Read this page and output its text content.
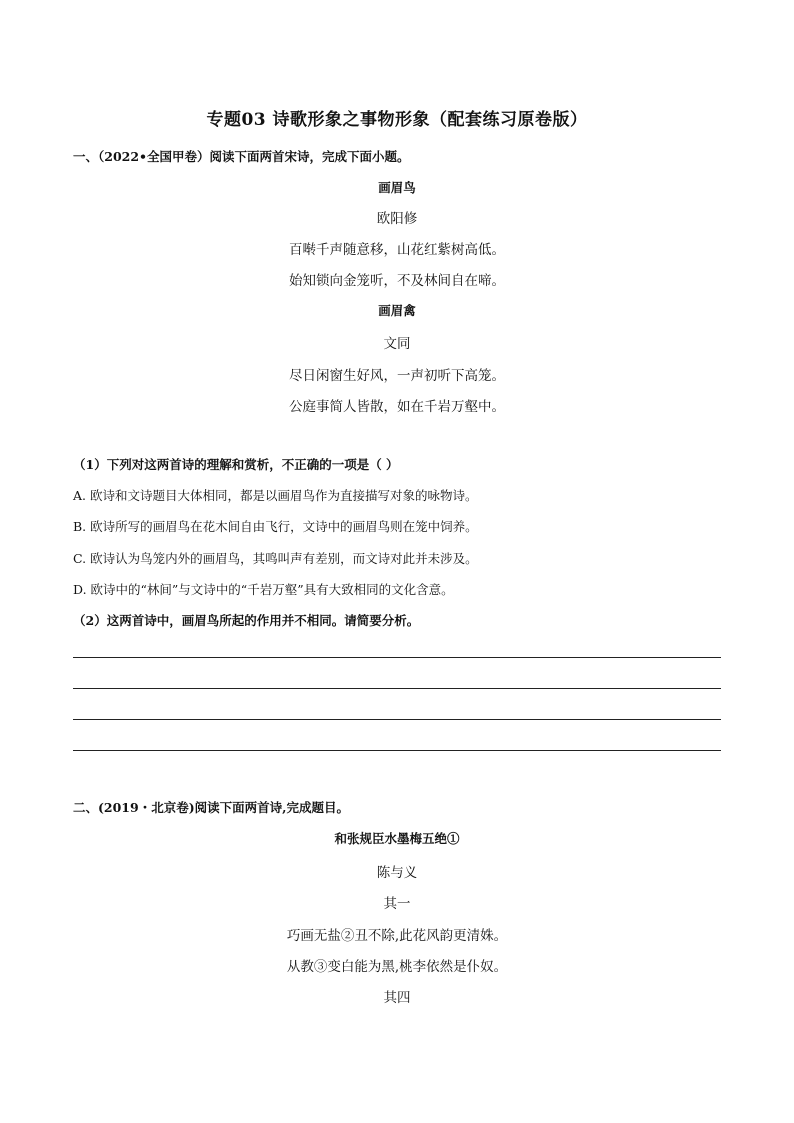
专题03 诗歌形象之事物形象（配套练习原卷版）
一、（2022•全国甲卷）阅读下面两首宋诗，完成下面小题。
画眉鸟
欧阳修
百啭千声随意移，山花红紫树高低。
始知锁向金笼听，不及林间自在啼。
画眉禽
文同
尽日闲窗生好风，一声初听下高笼。
公庭事简人皆散，如在千岩万壑中。
（1）下列对这两首诗的理解和赏析，不正确的一项是（ ）
A. 欧诗和文诗题目大体相同，都是以画眉鸟作为直接描写对象的咏物诗。
B. 欧诗所写的画眉鸟在花木间自由飞行，文诗中的画眉鸟则在笼中饲养。
C. 欧诗认为鸟笼内外的画眉鸟，其鸣叫声有差别，而文诗对此并未涉及。
D. 欧诗中的“林间”与文诗中的“千岩万壑”具有大致相同的文化含意。
（2）这两首诗中，画眉鸟所起的作用并不相同。请简要分析。
二、(2019・北京卷)阅读下面两首诗,完成题目。
和张规臣水墨梅五绝①
陈与义
其一
巧画无盐②丑不除,此花风韵更清姝。
从教③变白能为黑,桃李依然是仆奴。
其四
